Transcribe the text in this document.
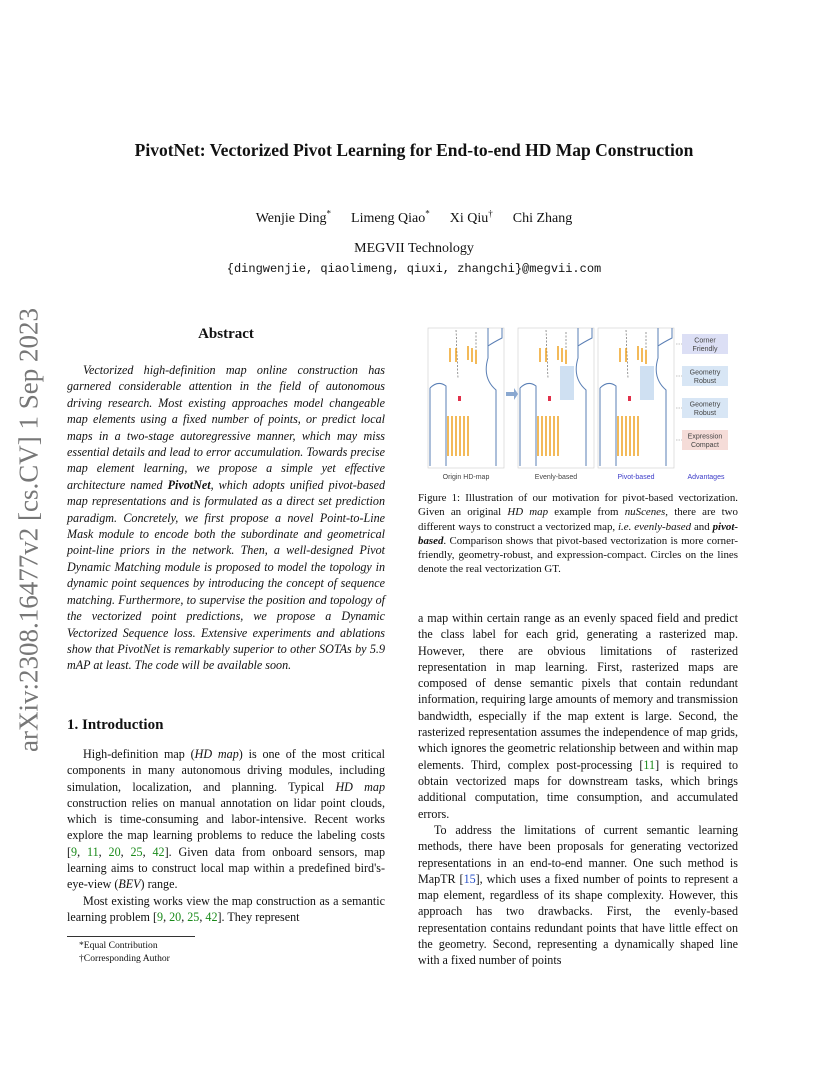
arXiv:2308.16477v2 [cs.CV] 1 Sep 2023
PivotNet: Vectorized Pivot Learning for End-to-end HD Map Construction
Wenjie Ding* Limeng Qiao* Xi Qiu† Chi Zhang
MEGVII Technology
{dingwenjie, qiaolimeng, qiuxi, zhangchi}@megvii.com
Abstract
Vectorized high-definition map online construction has garnered considerable attention in the field of autonomous driving research. Most existing approaches model changeable map elements using a fixed number of points, or predict local maps in a two-stage autoregressive manner, which may miss essential details and lead to error accumulation. Towards precise map element learning, we propose a simple yet effective architecture named PivotNet, which adopts unified pivot-based map representations and is formulated as a direct set prediction paradigm. Concretely, we first propose a novel Point-to-Line Mask module to encode both the subordinate and geometrical point-line priors in the network. Then, a well-designed Pivot Dynamic Matching module is proposed to model the topology in dynamic point sequences by introducing the concept of sequence matching. Furthermore, to supervise the position and topology of the vectorized point predictions, we propose a Dynamic Vectorized Sequence loss. Extensive experiments and ablations show that PivotNet is remarkably superior to other SOTAs by 5.9 mAP at least. The code will be available soon.
1. Introduction
High-definition map (HD map) is one of the most critical components in many autonomous driving modules, including simulation, localization, and planning. Typical HD map construction relies on manual annotation on lidar point clouds, which is time-consuming and labor-intensive. Recent works explore the map learning problems to reduce the labeling costs [9, 11, 20, 25, 42]. Given data from onboard sensors, map learning aims to construct local map within a predefined bird's-eye-view (BEV) range.
Most existing works view the map construction as a semantic learning problem [9, 20, 25, 42]. They represent
*Equal Contribution
†Corresponding Author
Origin HD-map	Evenly-based	Pivot-based
Corner
Friendly
Geometry
Robust
Geometry
Robust
Expression
Compact
Advantages
Figure 1: Illustration of our motivation for pivot-based vectorization. Given an original HD map example from nuScenes, there are two different ways to construct a vectorized map, i.e. evenly-based and pivot-based. Comparison shows that pivot-based vectorization is more corner-friendly, geometry-robust, and expression-compact. Circles on the lines denote the real vectorization GT.
a map within certain range as an evenly spaced field and predict the class label for each grid, generating a rasterized map. However, there are obvious limitations of rasterized representation in map learning. First, rasterized maps are composed of dense semantic pixels that contain redundant information, requiring large amounts of memory and transmission bandwidth, especially if the map extent is large. Second, the rasterized representation assumes the independence of map grids, which ignores the geometric relationship between and within map elements. Third, complex post-processing [11] is required to obtain vectorized maps for downstream tasks, which brings additional computation, time consumption, and accumulated errors.
To address the limitations of current semantic learning methods, there have been proposals for generating vectorized representations in an end-to-end manner. One such method is MapTR [15], which uses a fixed number of points to represent a map element, regardless of its shape complexity. However, this approach has two drawbacks. First, the evenly-based representation contains redundant points that have little effect on the geometry. Second, representing a dynamically shaped line with a fixed number of points
